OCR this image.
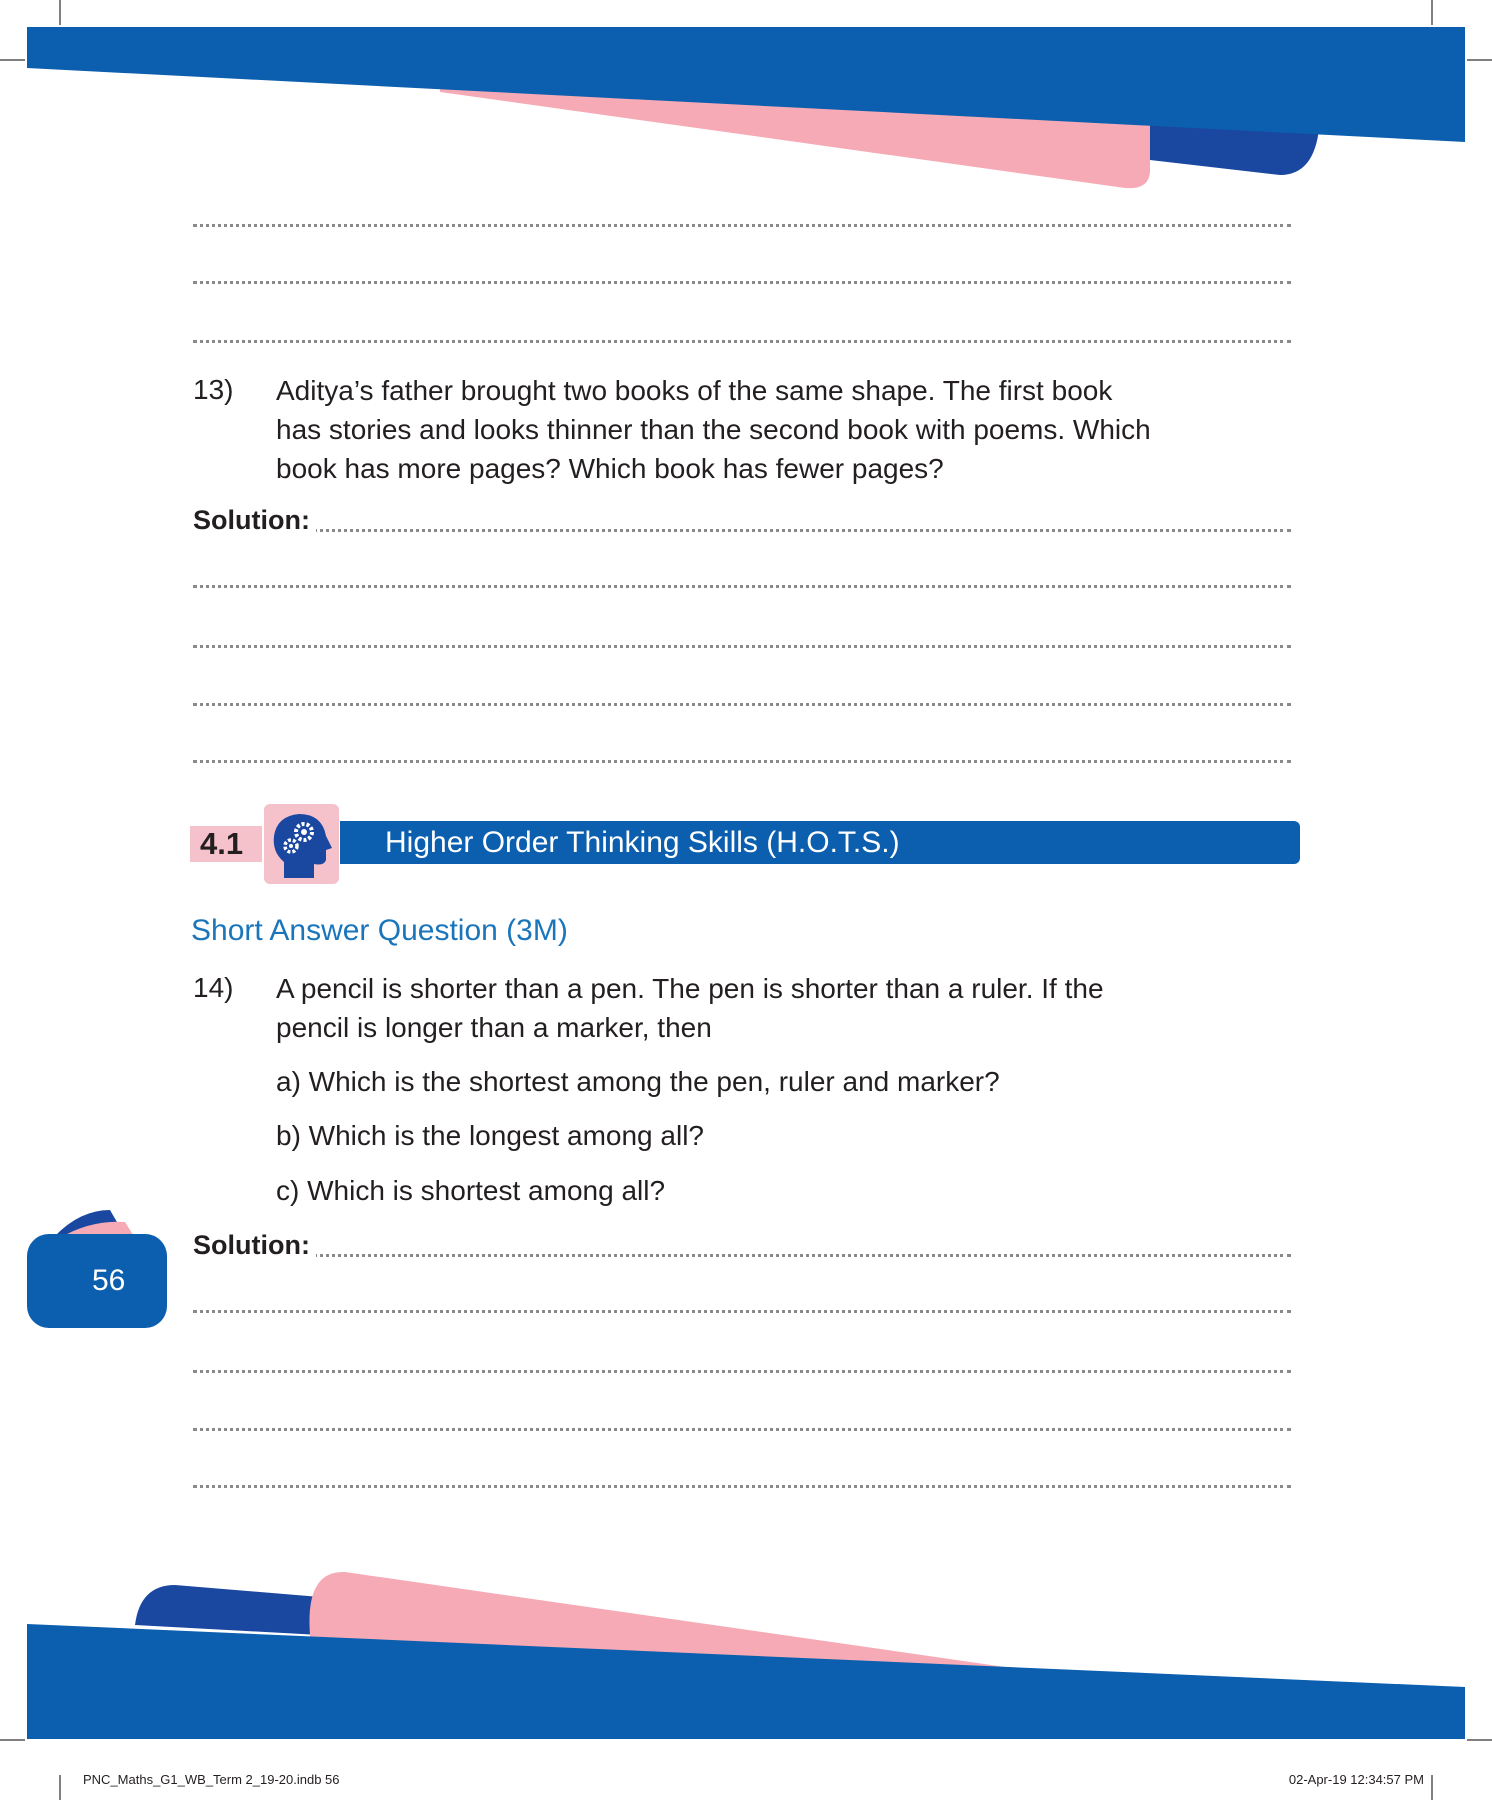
13) Aditya’s father brought two books of the same shape. The first book
has stories and looks thinner than the second book with poems. Which
book has more pages? Which book has fewer pages?
Solution:
4.1	Higher Order Thinking Skills (H.O.T.S.)
Short Answer Question (3M)
14) A pencil is shorter than a pen. The pen is shorter than a ruler. If the
pencil is longer than a marker, then
a) Which is the shortest among the pen, ruler and marker?
b) Which is the longest among all?
c) Which is shortest among all?
Solution:
56
PNC_Maths_G1_WB_Term 2_19-20.indb 56	02-Apr-19 12:34:57 PM
